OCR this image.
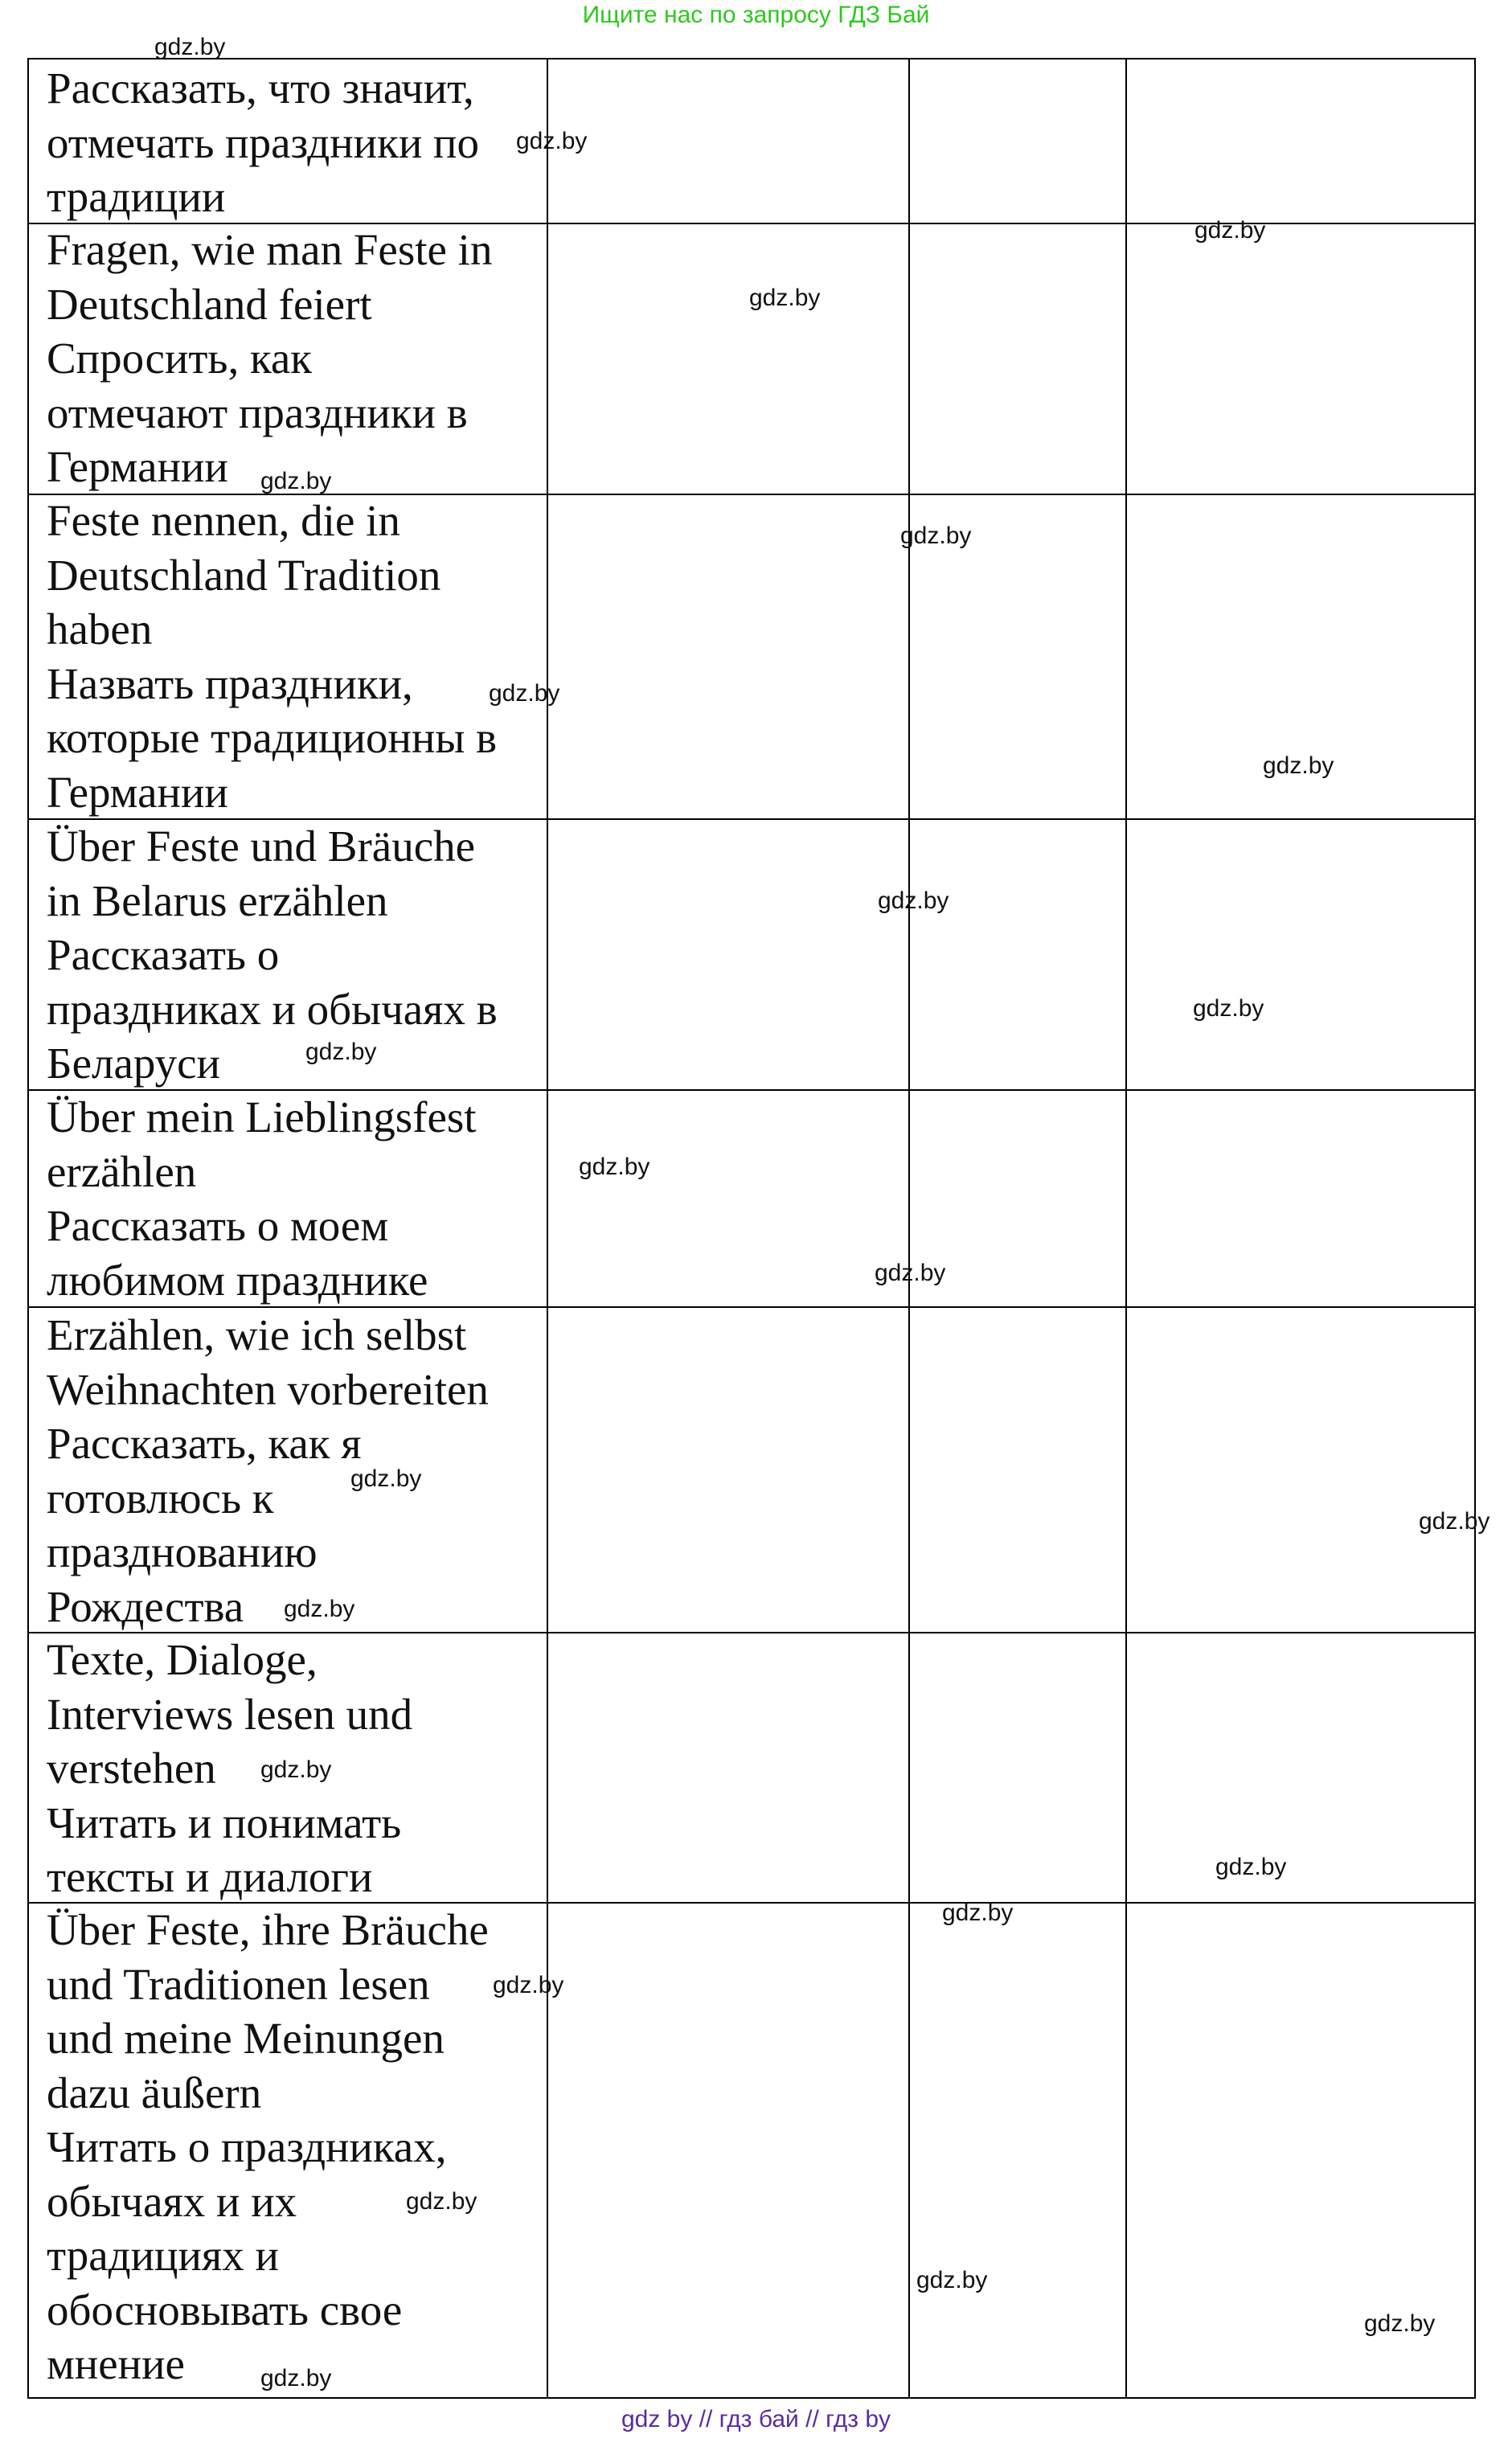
Ищите нас по запросу ГДЗ Бай
Рассказать, что значит,
отмечать праздники по
традиции
Fragen, wie man Feste in
Deutschland feiert
Спросить, как
отмечают праздники в
Германии
Feste nennen, die in
Deutschland Tradition
haben
Назвать праздники,
которые традиционны в
Германии
Über Feste und Bräuche
in Belarus erzählen
Рассказать о
праздниках и обычаях в
Беларуси
Über mein Lieblingsfest
erzählen
Рассказать о моем
любимом празднике
Erzählen, wie ich selbst
Weihnachten vorbereiten
Рассказать, как я
готовлюсь к
празднованию
Рождества
Texte, Dialoge,
Interviews lesen und
verstehen
Читать и понимать
тексты и диалоги
Über Feste, ihre Bräuche
und Traditionen lesen
und meine Meinungen
dazu äußern
Читать о праздниках,
обычаях и их
традициях и
обосновывать свое
мнение
gdz.by
gdz.by
gdz.by
gdz.by
gdz.by
gdz.by
gdz.by
gdz.by
gdz.by
gdz.by
gdz.by
gdz.by
gdz.by
gdz.by
gdz.by
gdz.by
gdz.by
gdz.by
gdz.by
gdz.by
gdz.by
gdz.by
gdz.by
gdz.by
gdz by // гдз бай // гдз by
